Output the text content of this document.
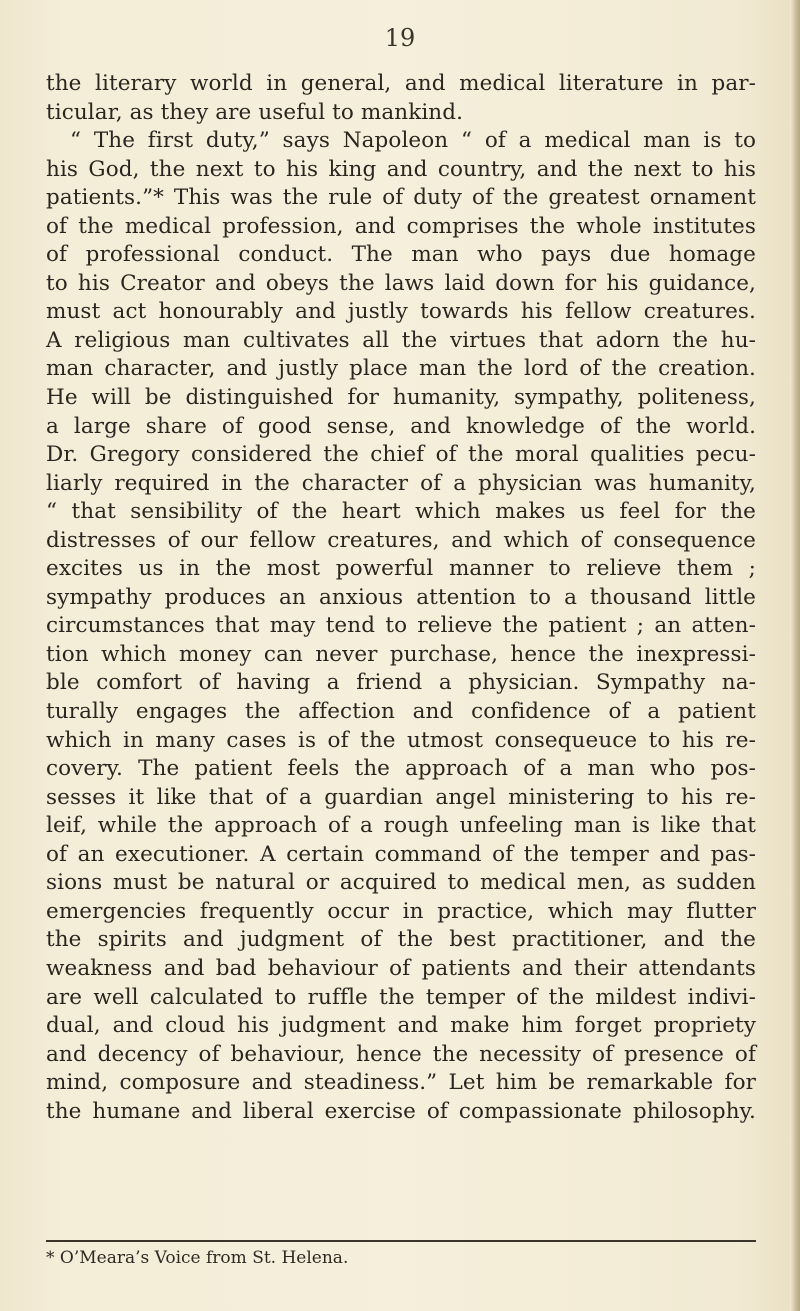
19
the literary world in general, and medical literature in par-
ticular, as they are useful to mankind.
“ The first duty,” says Napoleon “ of a medical man is to
his God, the next to his king and country, and the next to his
patients.”* This was the rule of duty of the greatest ornament
of the medical profession, and comprises the whole institutes
of professional conduct. The man who pays due homage
to his Creator and obeys the laws laid down for his guidance,
must act honourably and justly towards his fellow creatures.
A religious man cultivates all the virtues that adorn the hu-
man character, and justly place man the lord of the creation.
He will be distinguished for humanity, sympathy, politeness,
a large share of good sense, and knowledge of the world.
Dr. Gregory considered the chief of the moral qualities pecu-
liarly required in the character of a physician was humanity,
“ that sensibility of the heart which makes us feel for the
distresses of our fellow creatures, and which of consequence
excites us in the most powerful manner to relieve them ;
sympathy produces an anxious attention to a thousand little
circumstances that may tend to relieve the patient ; an atten-
tion which money can never purchase, hence the inexpressi-
ble comfort of having a friend a physician. Sympathy na-
turally engages the affection and confidence of a patient
which in many cases is of the utmost consequeuce to his re-
covery. The patient feels the approach of a man who pos-
sesses it like that of a guardian angel ministering to his re-
leif, while the approach of a rough unfeeling man is like that
of an executioner. A certain command of the temper and pas-
sions must be natural or acquired to medical men, as sudden
emergencies frequently occur in practice, which may flutter
the spirits and judgment of the best practitioner, and the
weakness and bad behaviour of patients and their attendants
are well calculated to ruffle the temper of the mildest indivi-
dual, and cloud his judgment and make him forget propriety
and decency of behaviour, hence the necessity of presence of
mind, composure and steadiness.” Let him be remarkable for
the humane and liberal exercise of compassionate philosophy.
* O’Meara’s Voice from St. Helena.
